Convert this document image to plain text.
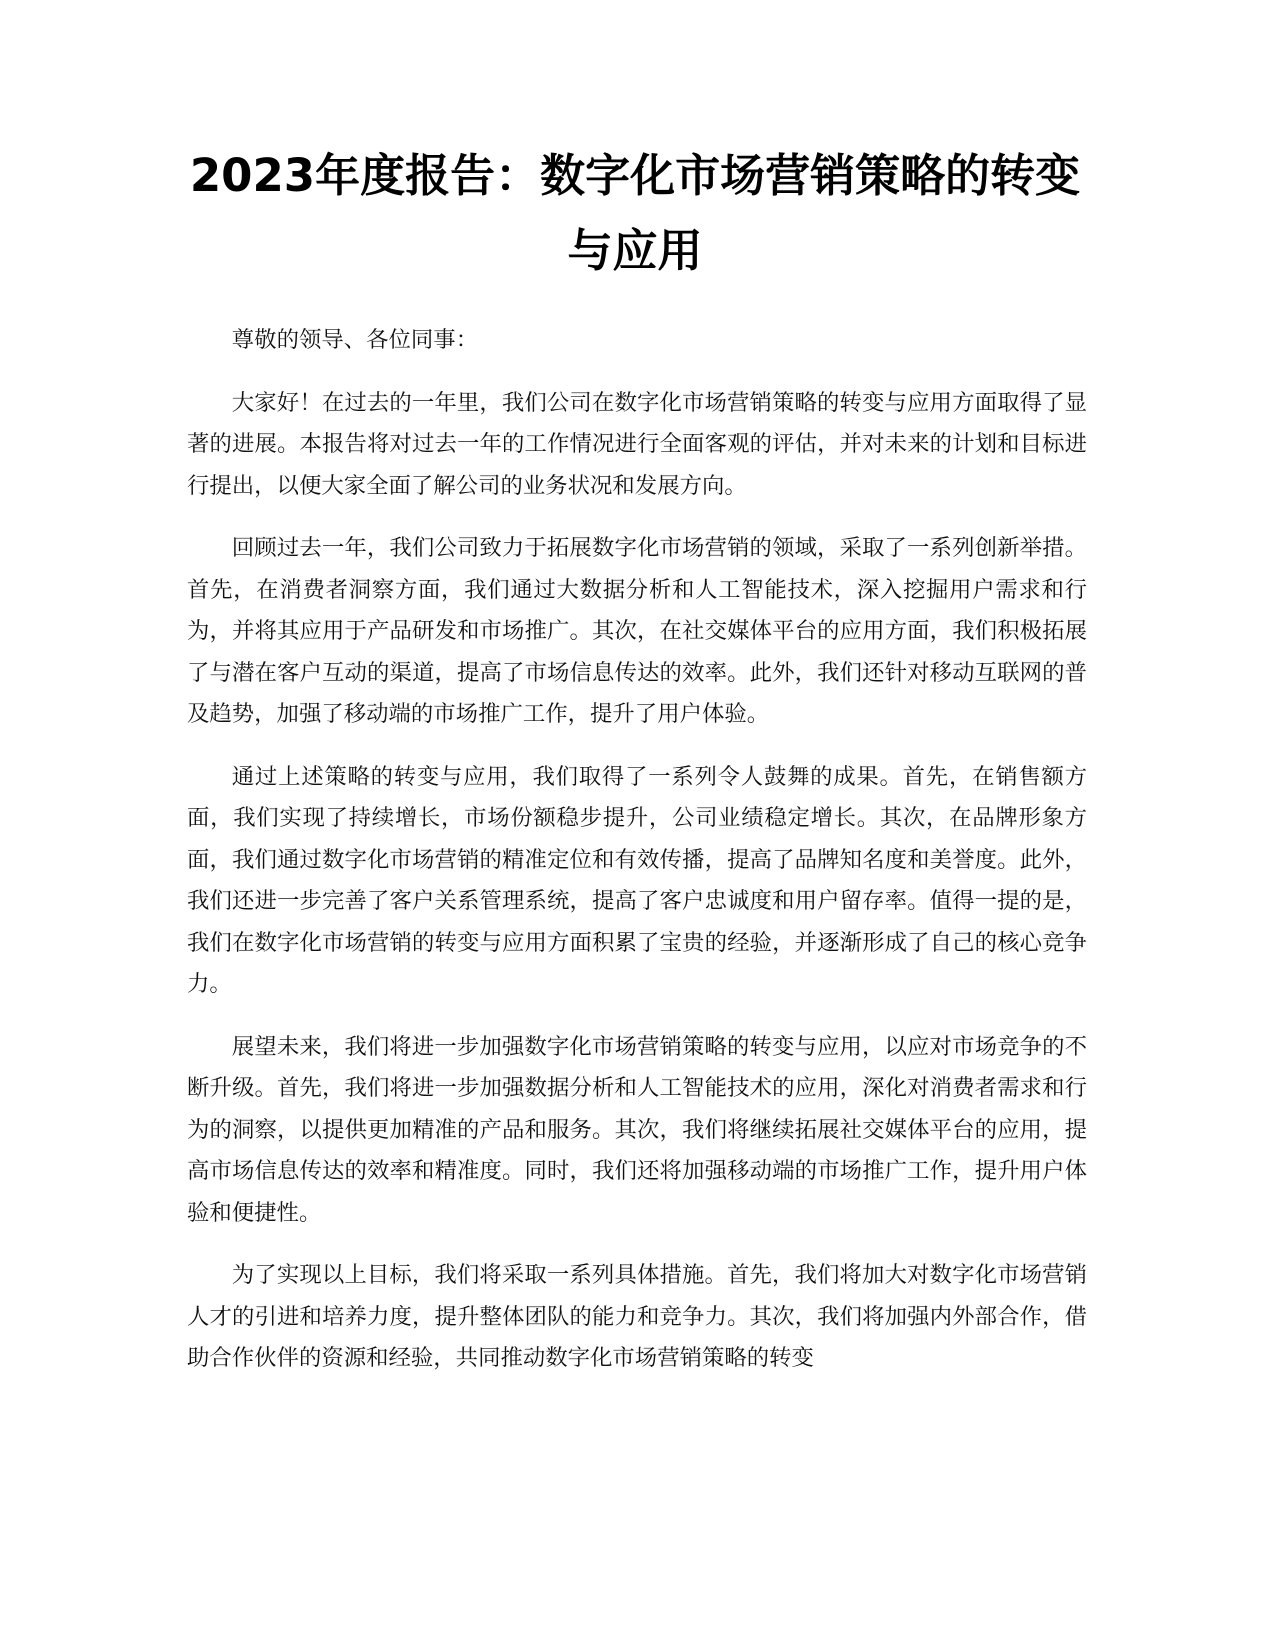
2023年度报告：数字化市场营销策略的转变与应用

尊敬的领导、各位同事：

大家好！在过去的一年里，我们公司在数字化市场营销策略的转变与应用方面取得了显著的进展。本报告将对过去一年的工作情况进行全面客观的评估，并对未来的计划和目标进行提出，以便大家全面了解公司的业务状况和发展方向。

回顾过去一年，我们公司致力于拓展数字化市场营销的领域，采取了一系列创新举措。首先，在消费者洞察方面，我们通过大数据分析和人工智能技术，深入挖掘用户需求和行为，并将其应用于产品研发和市场推广。其次，在社交媒体平台的应用方面，我们积极拓展了与潜在客户互动的渠道，提高了市场信息传达的效率。此外，我们还针对移动互联网的普及趋势，加强了移动端的市场推广工作，提升了用户体验。

通过上述策略的转变与应用，我们取得了一系列令人鼓舞的成果。首先，在销售额方面，我们实现了持续增长，市场份额稳步提升，公司业绩稳定增长。其次，在品牌形象方面，我们通过数字化市场营销的精准定位和有效传播，提高了品牌知名度和美誉度。此外，我们还进一步完善了客户关系管理系统，提高了客户忠诚度和用户留存率。值得一提的是，我们在数字化市场营销的转变与应用方面积累了宝贵的经验，并逐渐形成了自己的核心竞争力。

展望未来，我们将进一步加强数字化市场营销策略的转变与应用，以应对市场竞争的不断升级。首先，我们将进一步加强数据分析和人工智能技术的应用，深化对消费者需求和行为的洞察，以提供更加精准的产品和服务。其次，我们将继续拓展社交媒体平台的应用，提高市场信息传达的效率和精准度。同时，我们还将加强移动端的市场推广工作，提升用户体验和便捷性。

为了实现以上目标，我们将采取一系列具体措施。首先，我们将加大对数字化市场营销人才的引进和培养力度，提升整体团队的能力和竞争力。其次，我们将加强内外部合作，借助合作伙伴的资源和经验，共同推动数字化市场营销策略的转变
